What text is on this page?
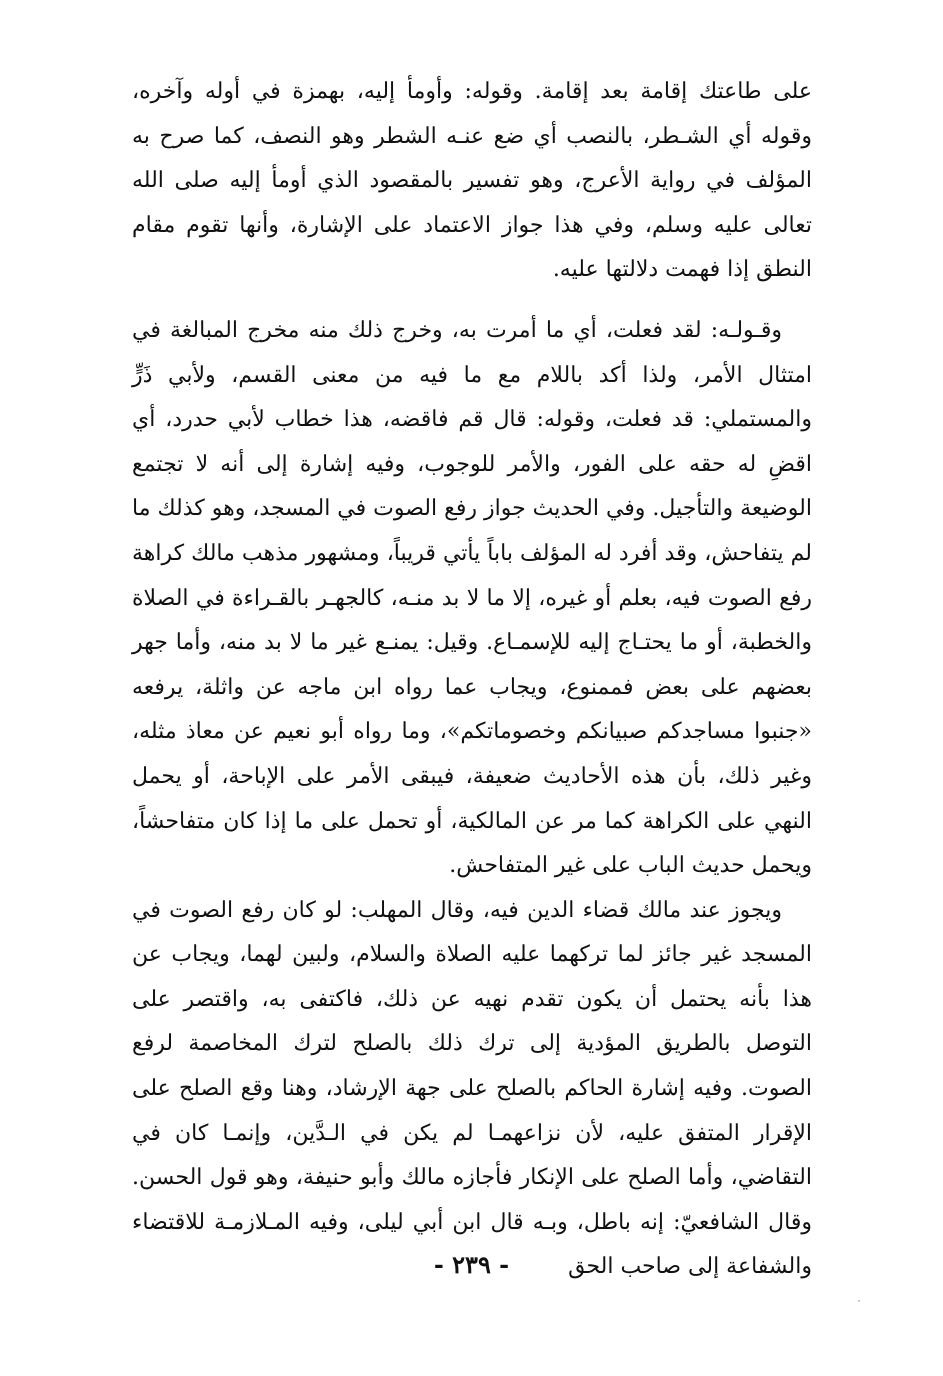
على طاعتك إقامة بعد إقامة. وقوله: وأومأ إليه، بهمزة في أوله وآخره، وقوله أي الشـطر، بالنصب أي ضع عنـه الشطر وهو النصف، كما صرح به المؤلف في رواية الأعرج، وهو تفسير بالمقصود الذي أومأ إليه صلى الله تعالى عليه وسلم، وفي هذا جواز الاعتماد على الإشارة، وأنها تقوم مقام النطق إذا فهمت دلالتها عليه.

وقـولـه: لقد فعلت، أي ما أمرت به، وخرج ذلك منه مخرج المبالغة في امتثال الأمر، ولذا أكد باللام مع ما فيه من معنى القسم، ولأبي ذَرٍّ والمستملي: قد فعلت، وقوله: قال قم فاقضه، هذا خطاب لأبي حدرد، أي اقضِ له حقه على الفور، والأمر للوجوب، وفيه إشارة إلى أنه لا تجتمع الوضيعة والتأجيل. وفي الحديث جواز رفع الصوت في المسجد، وهو كذلك ما لم يتفاحش، وقد أفرد له المؤلف باباً يأتي قريباً، ومشهور مذهب مالك كراهة رفع الصوت فيه، بعلم أو غيره، إلا ما لا بد منـه، كالجهـر بالقـراءة في الصلاة والخطبة، أو ما يحتـاج إليه للإسمـاع. وقيل: يمنـع غير ما لا بد منه، وأما جهر بعضهم على بعض فممنوع، ويجاب عما رواه ابن ماجه عن واثلة، يرفعه «جنبوا مساجدكم صبيانكم وخصوماتكم»، وما رواه أبو نعيم عن معاذ مثله، وغير ذلك، بأن هذه الأحاديث ضعيفة، فيبقى الأمر على الإباحة، أو يحمل النهي على الكراهة كما مر عن المالكية، أو تحمل على ما إذا كان متفاحشاً، ويحمل حديث الباب على غير المتفاحش.

ويجوز عند مالك قضاء الدين فيه، وقال المهلب: لو كان رفع الصوت في المسجد غير جائز لما تركهما عليه الصلاة والسلام، ولبين لهما، ويجاب عن هذا بأنه يحتمل أن يكون تقدم نهيه عن ذلك، فاكتفى به، واقتصر على التوصل بالطريق المؤدية إلى ترك ذلك بالصلح لترك المخاصمة لرفع الصوت. وفيه إشارة الحاكم بالصلح على جهة الإرشاد، وهنا وقع الصلح على الإقرار المتفق عليه، لأن نزاعهمـا لم يكن في الـدَّين، وإنمـا كان في التقاضي، وأما الصلح على الإنكار فأجازه مالك وأبو حنيفة، وهو قول الحسن. وقال الشافعيّ: إنه باطل، وبـه قال ابن أبي ليلى، وفيه المـلازمـة للاقتضاء والشفاعة إلى صاحب الحق

- ٢٣٩ -
